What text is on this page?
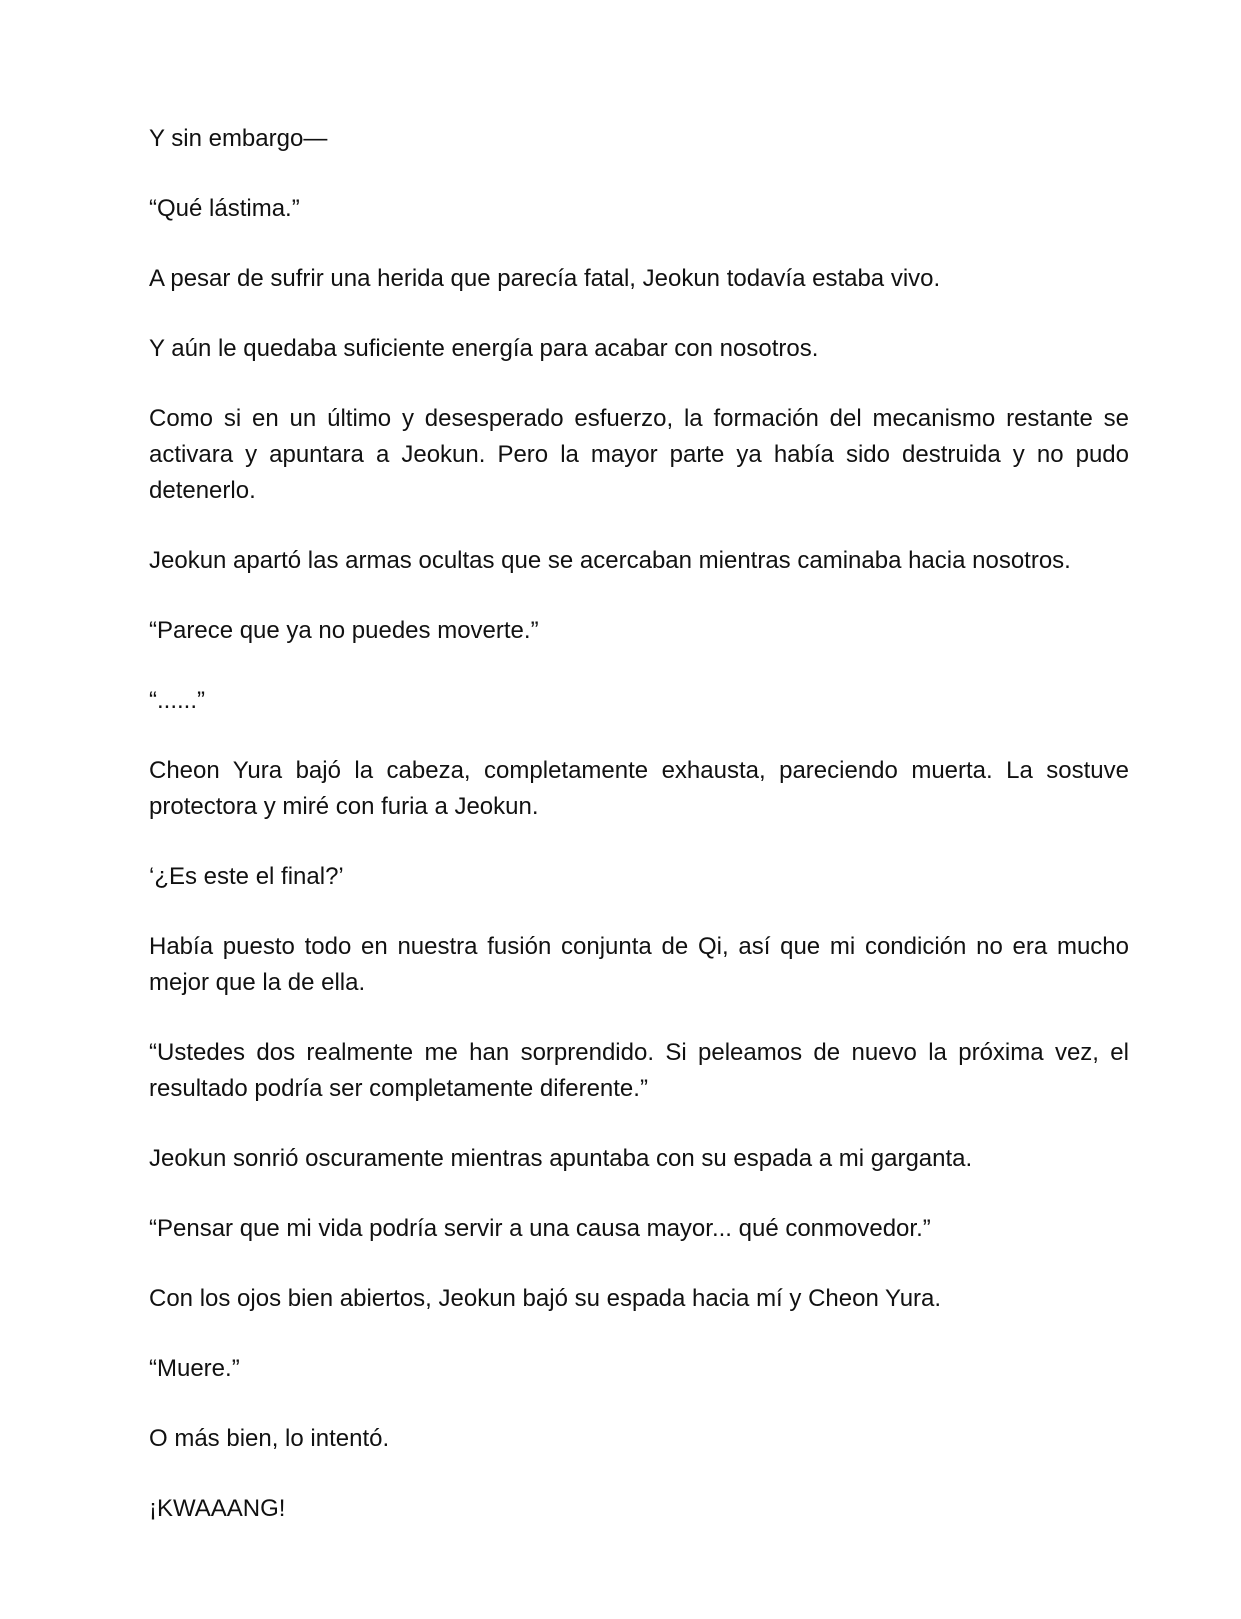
Y sin embargo—

“Qué lástima.”

A pesar de sufrir una herida que parecía fatal, Jeokun todavía estaba vivo.

Y aún le quedaba suficiente energía para acabar con nosotros.

Como si en un último y desesperado esfuerzo, la formación del mecanismo restante se activara y apuntara a Jeokun. Pero la mayor parte ya había sido destruida y no pudo detenerlo.

Jeokun apartó las armas ocultas que se acercaban mientras caminaba hacia nosotros.

“Parece que ya no puedes moverte.”

“......”

Cheon Yura bajó la cabeza, completamente exhausta, pareciendo muerta. La sostuve protectora y miré con furia a Jeokun.

‘¿Es este el final?’

Había puesto todo en nuestra fusión conjunta de Qi, así que mi condición no era mucho mejor que la de ella.

“Ustedes dos realmente me han sorprendido. Si peleamos de nuevo la próxima vez, el resultado podría ser completamente diferente.”

Jeokun sonrió oscuramente mientras apuntaba con su espada a mi garganta.

“Pensar que mi vida podría servir a una causa mayor... qué conmovedor.”

Con los ojos bien abiertos, Jeokun bajó su espada hacia mí y Cheon Yura.

“Muere.”

O más bien, lo intentó.

¡KWAAANG!
